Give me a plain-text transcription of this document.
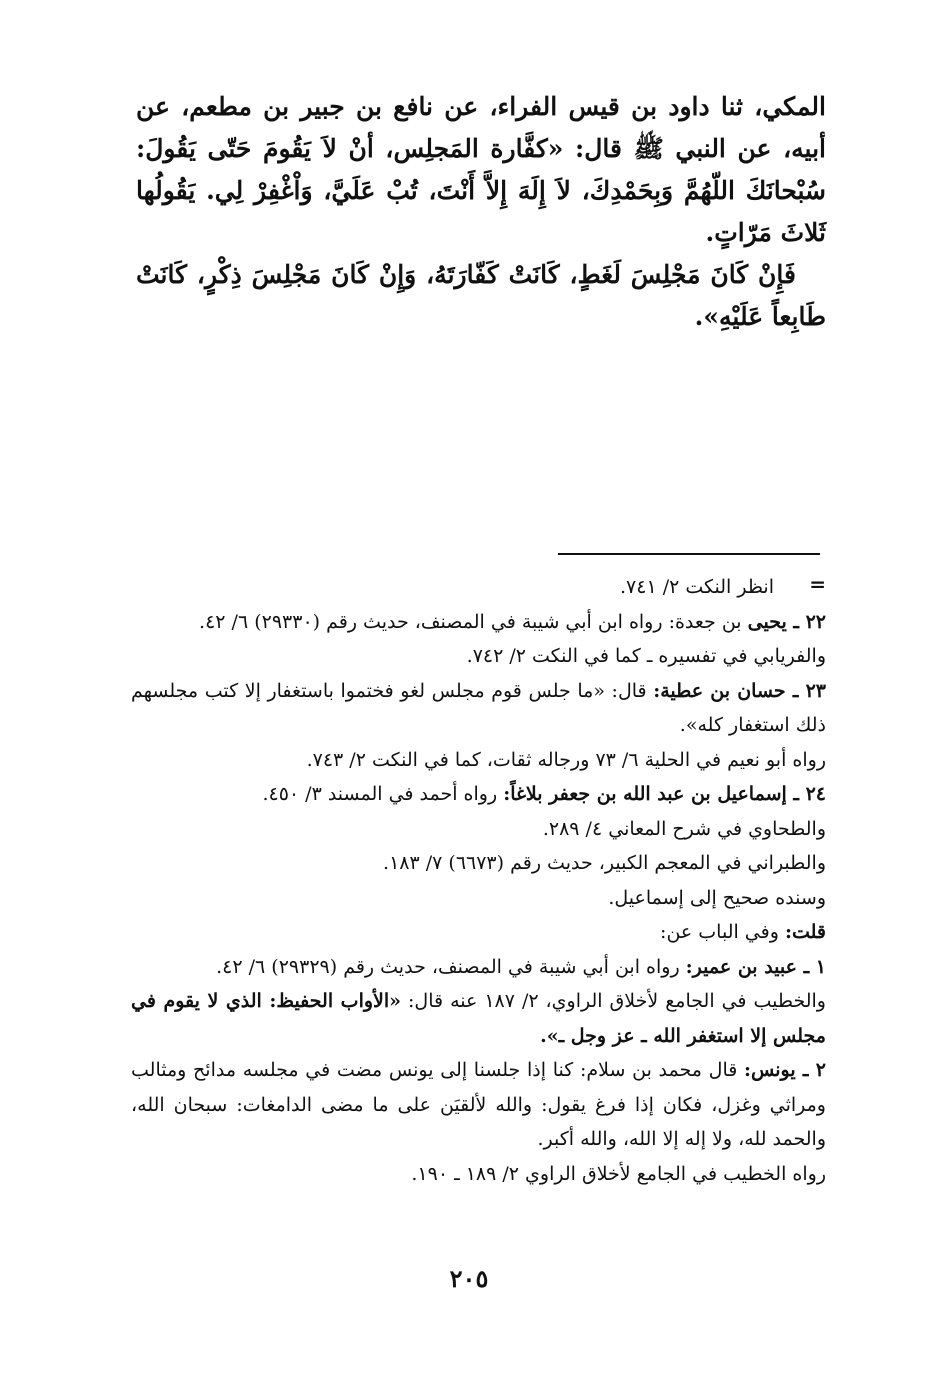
المكي، ثنا داود بن قيس الفراء، عن نافع بن جبير بن مطعم، عن أبيه، عن النبي ﷺ قال: «كفَّارة المَجلِس، أنْ لاَ يَقُومَ حَتّى يَقُولَ: سُبْحانَكَ اللّهُمَّ وَبِحَمْدِكَ، لاَ إِلَهَ إِلاَّ أَنْتَ، تُبْ عَلَيَّ، وَاْغْفِرْ لِي. يَقُولُها ثَلاثَ مَرّاتٍ.

فَإِنْ كَانَ مَجْلِسَ لَغَطٍ، كَانَتْ كَفّارَتَهُ، وَإِنْ كَانَ مَجْلِسَ ذِكْرٍ، كَانَتْ طَابِعاً عَلَيْهِ».

=

انظر النكت ٢/ ٧٤١.

٢٢ ـ يحيى بن جعدة: رواه ابن أبي شيبة في المصنف، حديث رقم (٢٩٣٣٠) ٦/ ٤٢.

والفريابي في تفسيره ـ كما في النكت ٢/ ٧٤٢.

٢٣ ـ حسان بن عطية: قال: «ما جلس قوم مجلس لغو فختموا باستغفار إلا كتب مجلسهم ذلك استغفار كله».

رواه أبو نعيم في الحلية ٦/ ٧٣ ورجاله ثقات، كما في النكت ٢/ ٧٤٣.

٢٤ ـ إسماعيل بن عبد الله بن جعفر بلاغاً: رواه أحمد في المسند ٣/ ٤٥٠.

والطحاوي في شرح المعاني ٤/ ٢٨٩.

والطبراني في المعجم الكبير، حديث رقم (٦٦٧٣) ٧/ ١٨٣.

وسنده صحيح إلى إسماعيل.

قلت: وفي الباب عن:

١ ـ عبيد بن عمير: رواه ابن أبي شيبة في المصنف، حديث رقم (٢٩٣٢٩) ٦/ ٤٢.

والخطيب في الجامع لأخلاق الراوي، ٢/ ١٨٧ عنه قال: «الأواب الحفيظ: الذي لا يقوم في مجلس إلا استغفر الله ـ عز وجل ـ».

٢ ـ يونس: قال محمد بن سلام: كنا إذا جلسنا إلى يونس مضت في مجلسه مدائح ومثالب ومراثي وغزل، فكان إذا فرغ يقول: والله لألقيَن على ما مضى الدامغات: سبحان الله، والحمد لله، ولا إله إلا الله، والله أكبر.

رواه الخطيب في الجامع لأخلاق الراوي ٢/ ١٨٩ ـ ١٩٠.

٢٠٥
